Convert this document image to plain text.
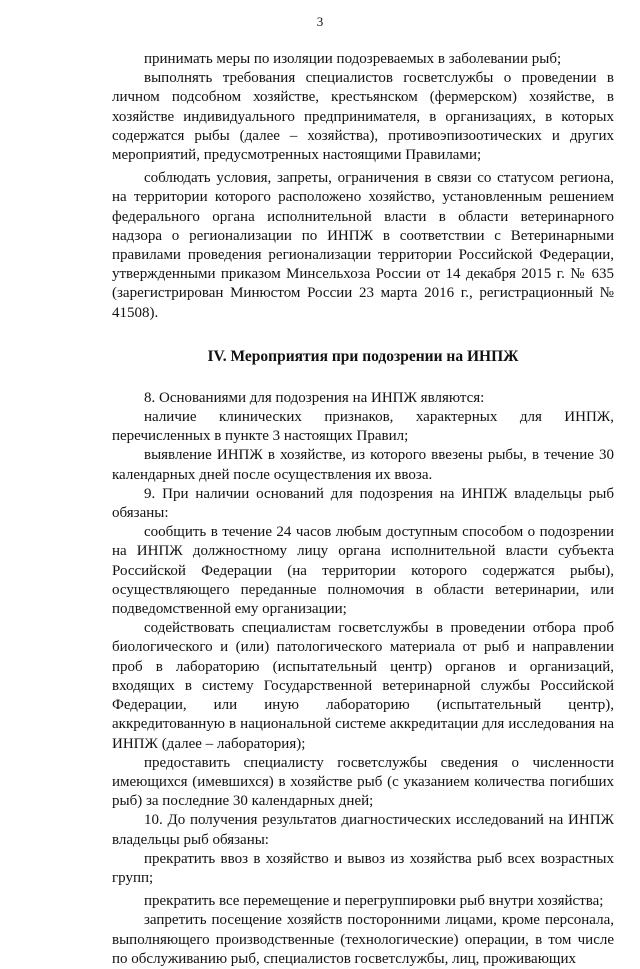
3

принимать меры по изоляции подозреваемых в заболевании рыб;

выполнять требования специалистов госветслужбы о проведении в личном подсобном хозяйстве, крестьянском (фермерском) хозяйстве, в хозяйстве индивидуального предпринимателя, в организациях, в которых содержатся рыбы (далее – хозяйства), противоэпизоотических и других мероприятий, предусмотренных настоящими Правилами;

соблюдать условия, запреты, ограничения в связи со статусом региона, на территории которого расположено хозяйство, установленным решением федерального органа исполнительной власти в области ветеринарного надзора о регионализации по ИНПЖ в соответствии с Ветеринарными правилами проведения регионализации территории Российской Федерации, утвержденными приказом Минсельхоза России от 14 декабря 2015 г. № 635 (зарегистрирован Минюстом России 23 марта 2016 г., регистрационный № 41508).

IV. Мероприятия при подозрении на ИНПЖ

8. Основаниями для подозрения на ИНПЖ являются:

наличие клинических признаков, характерных для ИНПЖ, перечисленных в пункте 3 настоящих Правил;

выявление ИНПЖ в хозяйстве, из которого ввезены рыбы, в течение 30 календарных дней после осуществления их ввоза.

9. При наличии оснований для подозрения на ИНПЖ владельцы рыб обязаны:

сообщить в течение 24 часов любым доступным способом о подозрении на ИНПЖ должностному лицу органа исполнительной власти субъекта Российской Федерации (на территории которого содержатся рыбы), осуществляющего переданные полномочия в области ветеринарии, или подведомственной ему организации;

содействовать специалистам госветслужбы в проведении отбора проб биологического и (или) патологического материала от рыб и направлении проб в лабораторию (испытательный центр) органов и организаций, входящих в систему Государственной ветеринарной службы Российской Федерации, или иную лабораторию (испытательный центр), аккредитованную в национальной системе аккредитации для исследования на ИНПЖ (далее – лаборатория);

предоставить специалисту госветслужбы сведения о численности имеющихся (имевшихся) в хозяйстве рыб (с указанием количества погибших рыб) за последние 30 календарных дней;

10. До получения результатов диагностических исследований на ИНПЖ владельцы рыб обязаны:

прекратить ввоз в хозяйство и вывоз из хозяйства рыб всех возрастных групп;

прекратить все перемещение и перегруппировки рыб внутри хозяйства;

запретить посещение хозяйств посторонними лицами, кроме персонала, выполняющего производственные (технологические) операции, в том числе по обслуживанию рыб, специалистов госветслужбы, лиц, проживающих
